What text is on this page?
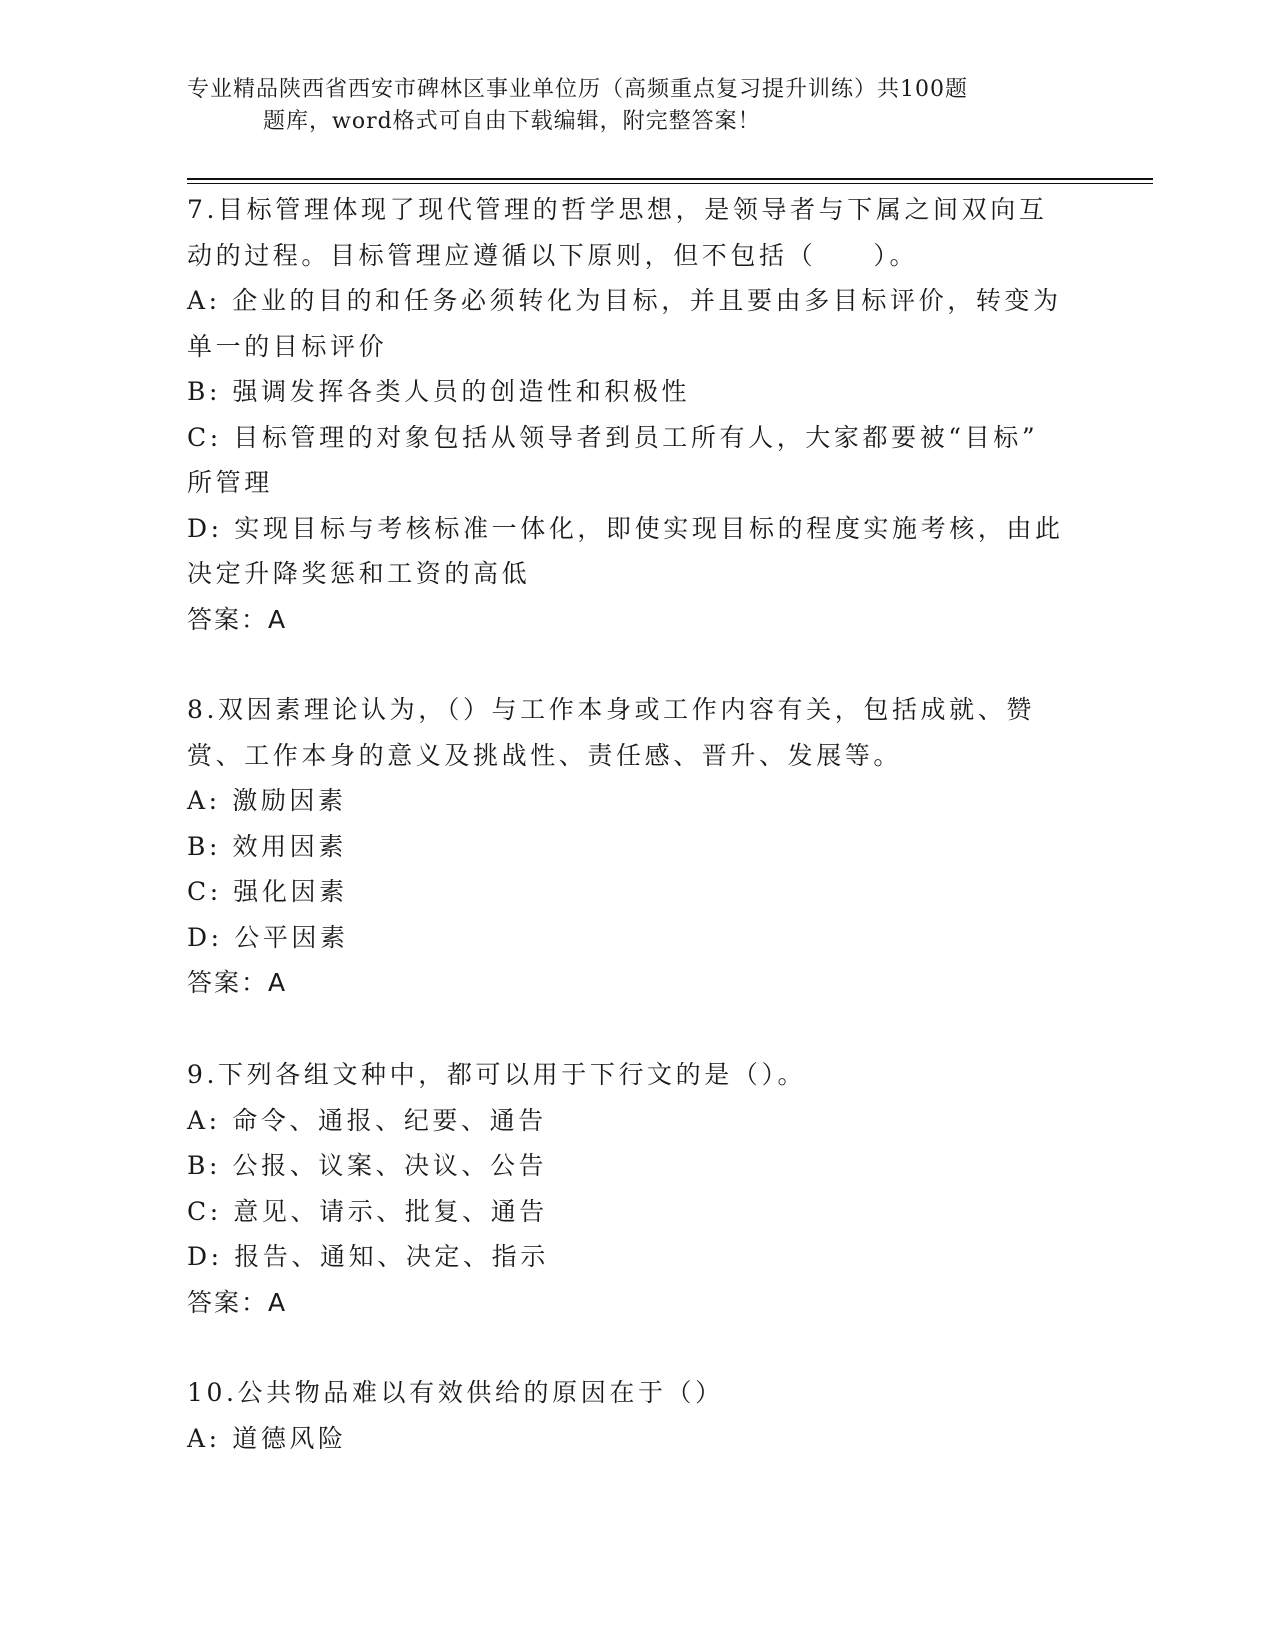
专业精品陕西省西安市碑林区事业单位历（高频重点复习提升训练）共100题
题库，word格式可自由下载编辑，附完整答案！

7.目标管理体现了现代管理的哲学思想，是领导者与下属之间双向互

动的过程。目标管理应遵循以下原则，但不包括（　　）。

A: 企业的目的和任务必须转化为目标，并且要由多目标评价，转变为

单一的目标评价

B: 强调发挥各类人员的创造性和积极性

C: 目标管理的对象包括从领导者到员工所有人，大家都要被“目标”

所管理

D: 实现目标与考核标准一体化，即使实现目标的程度实施考核，由此

决定升降奖惩和工资的高低

答案：A

8.双因素理论认为，（）与工作本身或工作内容有关，包括成就、赞

赏、工作本身的意义及挑战性、责任感、晋升、发展等。

A: 激励因素

B: 效用因素

C: 强化因素

D: 公平因素

答案：A

9.下列各组文种中，都可以用于下行文的是（）。

A: 命令、通报、纪要、通告

B: 公报、议案、决议、公告

C: 意见、请示、批复、通告

D: 报告、通知、决定、指示

答案：A

10.公共物品难以有效供给的原因在于（）

A: 道德风险
